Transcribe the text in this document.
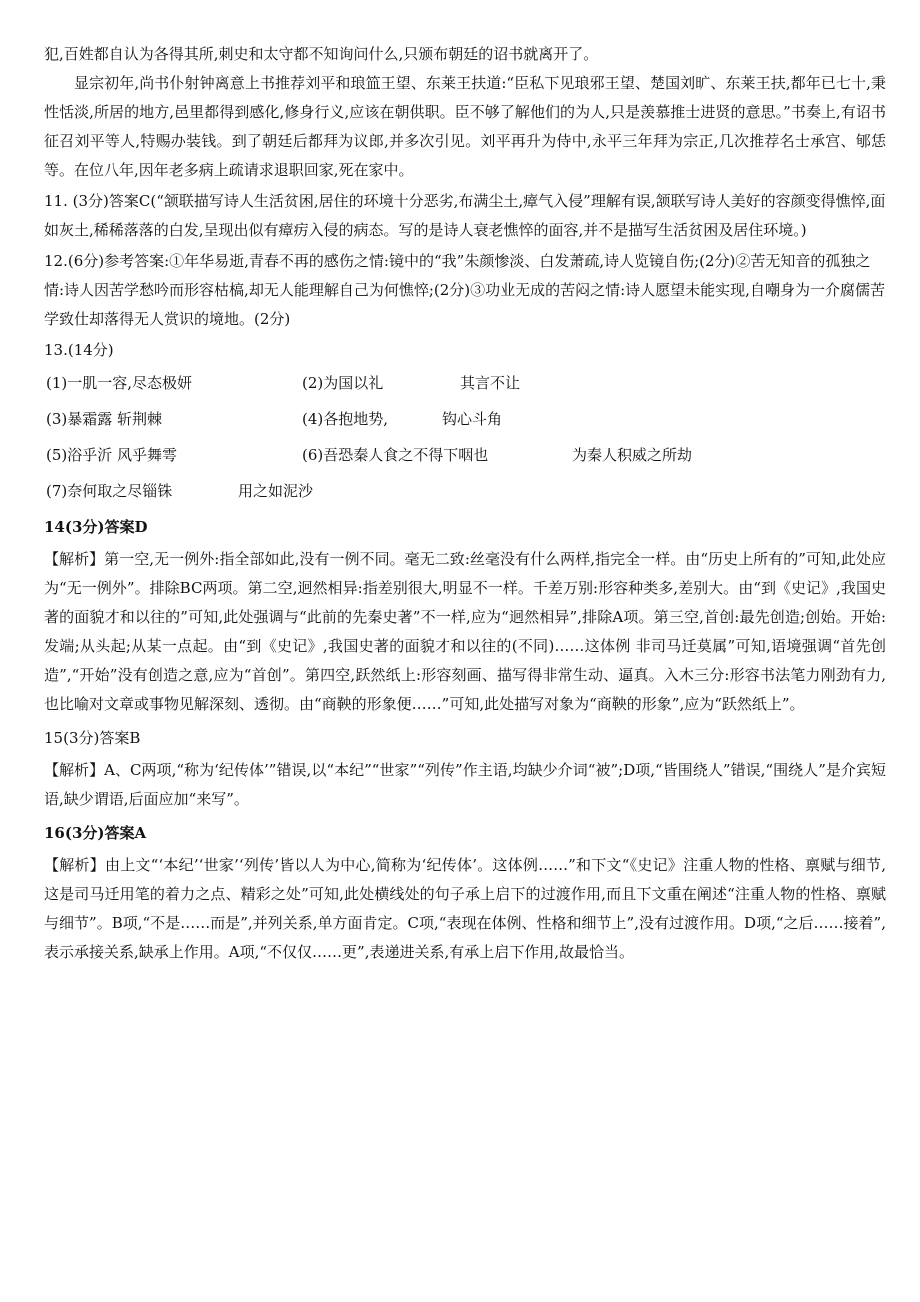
犯,百姓都自认为各得其所,刺史和太守都不知询问什么,只颁布朝廷的诏书就离开了。

显宗初年,尚书仆射钟离意上书推荐刘平和琅笽王望、东莱王扶道:“臣私下见琅邪王望、楚国刘旷、东莱王扶,都年已七十,秉性恬淡,所居的地方,邑里都得到感化,修身行义,应该在朝供职。臣不够了解他们的为人,只是羡慕推士进贤的意思。”书奏上,有诏书征召刘平等人,特赐办装钱。到了朝廷后都拜为议郎,并多次引见。刘平再升为侍中,永平三年拜为宗正,几次推荐名士承宫、郇恁等。在位八年,因年老多病上疏请求退职回家,死在家中。

11. (3分)答案C(“颔联描写诗人生活贫困,居住的环境十分恶劣,布满尘土,瘴气入侵”理解有误,颔联写诗人美好的容颜变得憔悴,面如灰土,稀稀落落的白发,呈现出似有瘴疠入侵的病态。写的是诗人衰老憔悴的面容,并不是描写生活贫困及居住环境。)

12.(6分)参考答案:①年华易逝,青春不再的感伤之情:镜中的“我”朱颜惨淡、白发萧疏,诗人览镜自伤;(2分)②苦无知音的孤独之情:诗人因苦学愁吟而形容枯槁,却无人能理解自己为何憔悴;(2分)③功业无成的苦闷之情:诗人愿望未能实现,自嘲身为一介腐儒苦学致仕却落得无人赏识的境地。(2分)

13.(14分)
(1)一肌一容,尽态极妍	(2)为国以礼	其言不让
(3)暴霜露 斩荆棘	(4)各抱地势,	钩心斗角
(5)浴乎沂 风乎舞雩	(6)吾恐秦人食之不得下咽也	为秦人积威之所劫
(7)奈何取之尽锱铢	用之如泥沙
14(3分)答案D

【解析】第一空,无一例外:指全部如此,没有一例不同。毫无二致:丝毫没有什么两样,指完全一样。由“历史上所有的”可知,此处应为“无一例外”。排除BC两项。第二空,迥然相异:指差别很大,明显不一样。千差万别:形容种类多,差别大。由“到《史记》,我国史著的面貌才和以往的”可知,此处强调与“此前的先秦史著”不一样,应为“迥然相异”,排除A项。第三空,首创:最先创造;创始。开始:发端;从头起;从某一点起。由“到《史记》,我国史著的面貌才和以往的(不同)……这体例 非司马迁莫属”可知,语境强调“首先创造”,“开始”没有创造之意,应为“首创”。第四空,跃然纸上:形容刻画、描写得非常生动、逼真。入木三分:形容书法笔力刚劲有力,也比喻对文章或事物见解深刻、透彻。由“商鞅的形象便……”可知,此处描写对象为“商鞅的形象”,应为“跃然纸上”。

15(3分)答案B

【解析】A、C两项,“称为‘纪传体’”错误,以“本纪”“世家”“列传”作主语,均缺少介词“被”;D项,“皆围绕人”错误,“围绕人”是介宾短语,缺少谓语,后面应加“来写”。

16(3分)答案A

【解析】由上文“‘本纪’‘世家’‘列传’皆以人为中心,简称为‘纪传体’。这体例……”和下文“《史记》注重人物的性格、禀赋与细节,这是司马迁用笔的着力之点、精彩之处”可知,此处横线处的句子承上启下的过渡作用,而且下文重在阐述“注重人物的性格、禀赋与细节”。B项,“不是……而是”,并列关系,单方面肯定。C项,“表现在体例、性格和细节上”,没有过渡作用。D项,“之后……接着”,表示承接关系,缺承上作用。A项,“不仅仅……更”,表递进关系,有承上启下作用,故最恰当。
